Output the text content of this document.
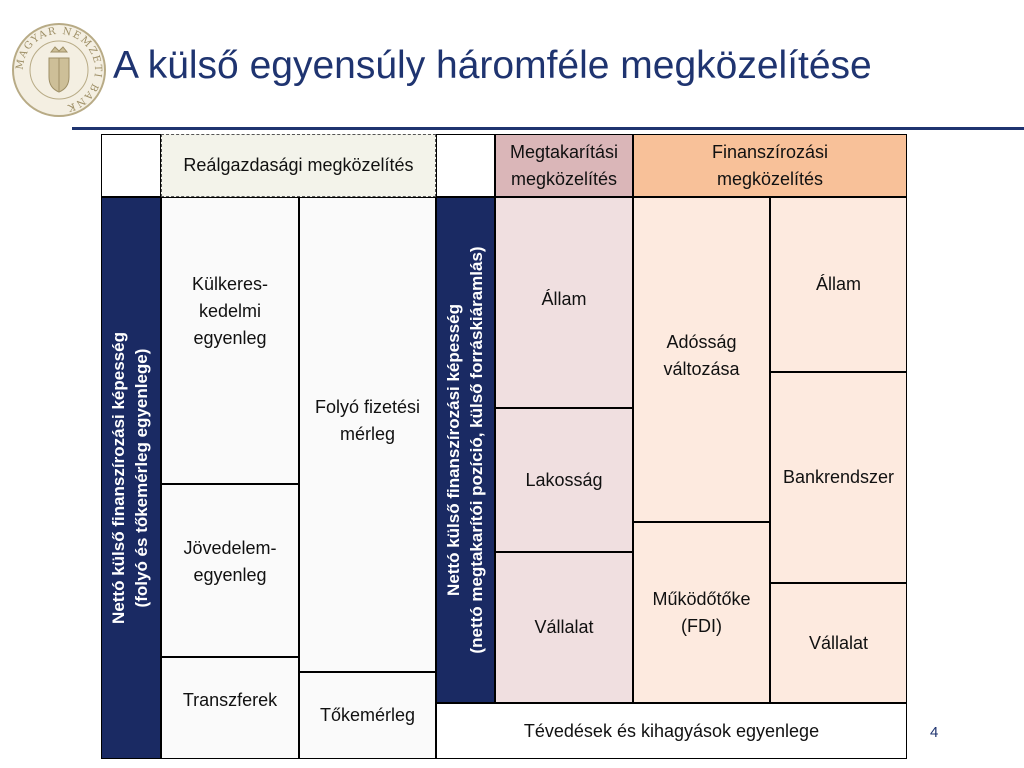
MAGYAR NEMZETI BANK
A külső egyensúly háromféle megközelítése
Reálgazdasági megközelítés
Megtakarítási
megközelítés
Finanszírozási
megközelítés
Nettó külső finanszírozási képesség (folyó és tőkemérleg egyenlege)
Külkeres-
kedelmi
egyenleg
Jövedelem-
egyenleg
Transzferek
Folyó fizetési
mérleg
Tőkemérleg
Nettó külső finanszírozási képesség (nettó megtakarítói pozíció, külső forráskiáramlás)	Állam
Lakosság
Vállalat
Adósság
változása
Működőtőke
(FDI)
Állam
Bankrendszer
Vállalat
Tévedések és kihagyások egyenlege	4
